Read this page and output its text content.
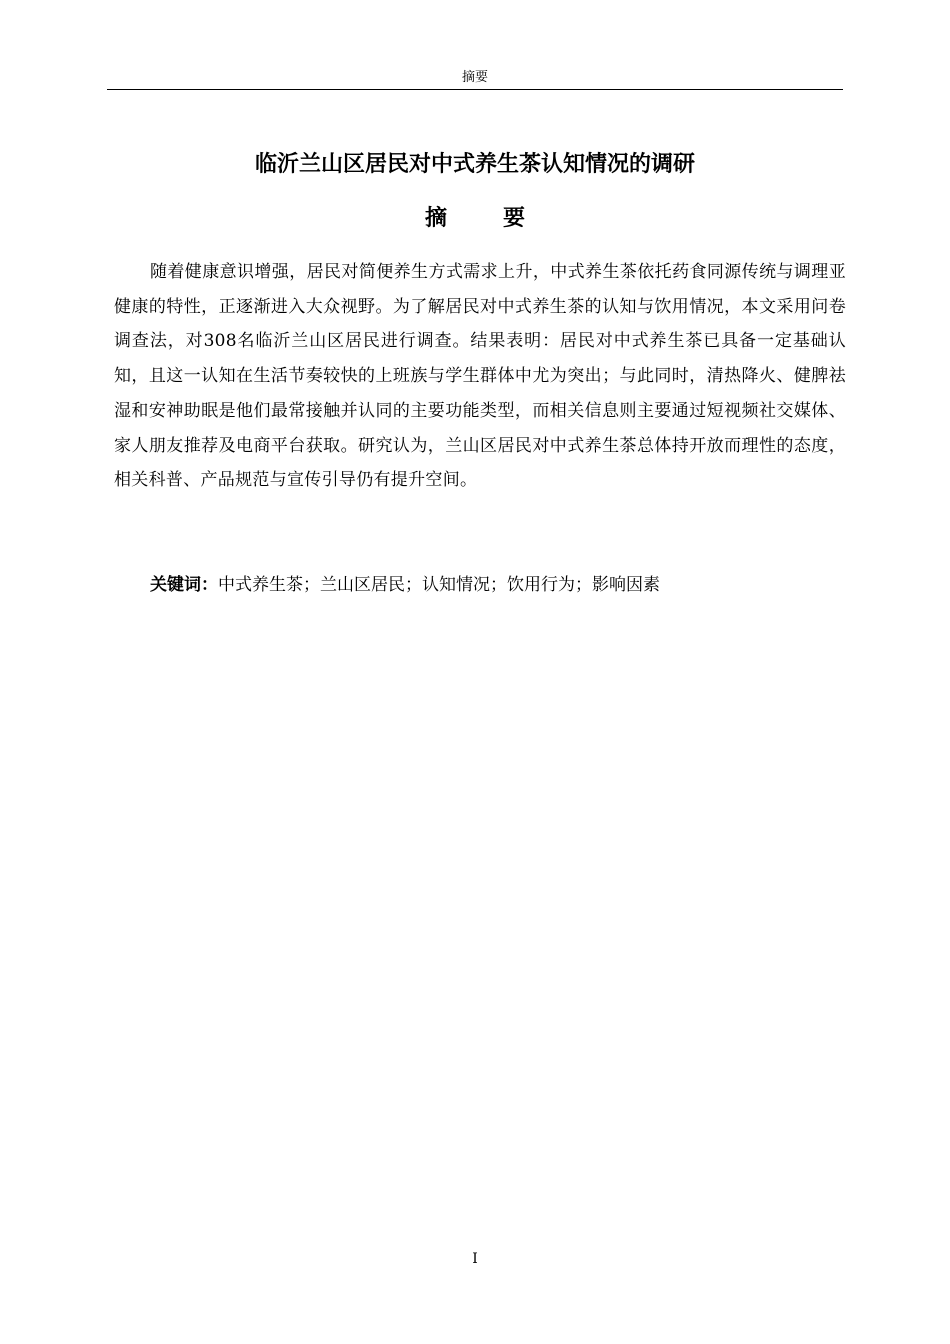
摘要
临沂兰山区居民对中式养生茶认知情况的调研
摘要

随着健康意识增强，居民对简便养生方式需求上升，中式养生茶依托药食同源传统与调理亚健康的特性，正逐渐进入大众视野。为了解居民对中式养生茶的认知与饮用情况，本文采用问卷调查法，对308名临沂兰山区居民进行调查。结果表明：居民对中式养生茶已具备一定基础认知，且这一认知在生活节奏较快的上班族与学生群体中尤为突出；与此同时，清热降火、健脾祛湿和安神助眠是他们最常接触并认同的主要功能类型，而相关信息则主要通过短视频社交媒体、家人朋友推荐及电商平台获取。研究认为，兰山区居民对中式养生茶总体持开放而理性的态度，相关科普、产品规范与宣传引导仍有提升空间。

关键词：中式养生茶；兰山区居民；认知情况；饮用行为；影响因素

I
